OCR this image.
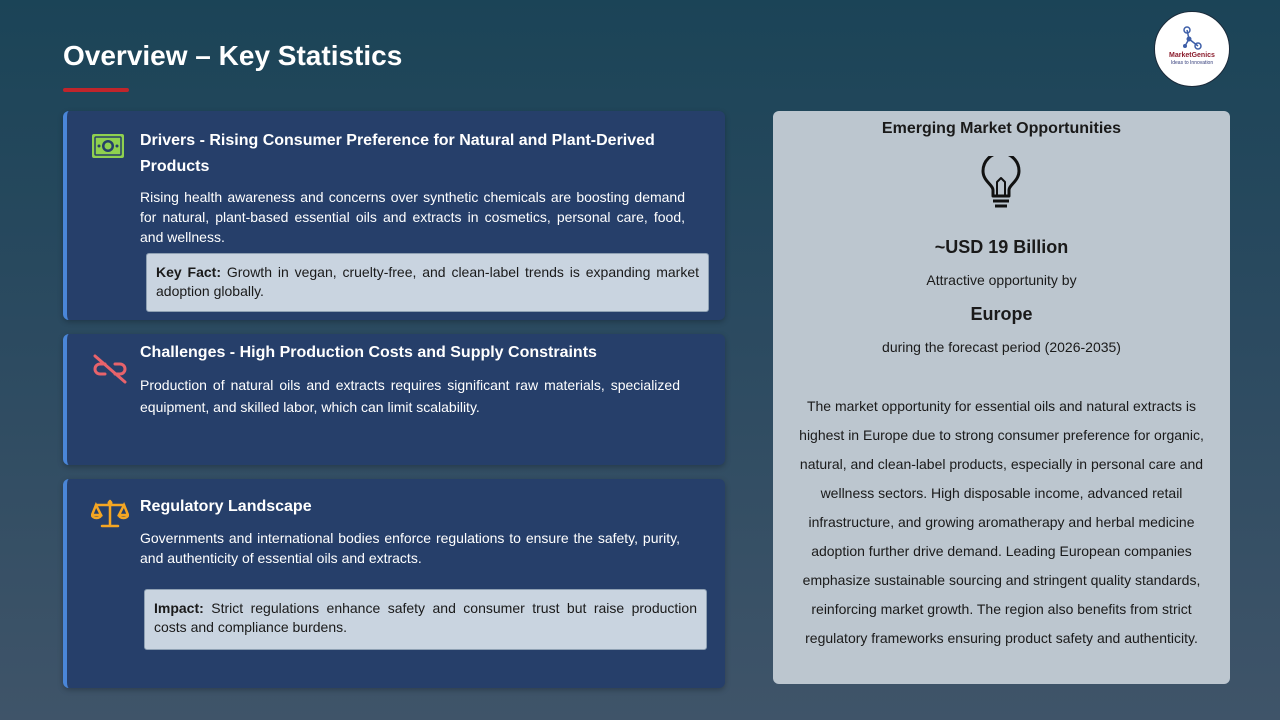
Overview – Key Statistics	MarketGenics
Ideas to Innovation
Drivers - Rising Consumer Preference for Natural and Plant-Derived Products

Rising health awareness and concerns over synthetic chemicals are boosting demand for natural, plant-based essential oils and extracts in cosmetics, personal care, food, and wellness.

Key Fact: Growth in vegan, cruelty-free, and clean-label trends is expanding market adoption globally.
Challenges - High Production Costs and Supply Constraints

Production of natural oils and extracts requires significant raw materials, specialized equipment, and skilled labor, which can limit scalability.

Regulatory Landscape

Governments and international bodies enforce regulations to ensure the safety, purity, and authenticity of essential oils and extracts.

Impact: Strict regulations enhance safety and consumer trust but raise production costs and compliance burdens.
Emerging Market Opportunities
~USD 19 Billion
Attractive opportunity by
Europe
during the forecast period (2026-2035)

The market opportunity for essential oils and natural extracts is highest in Europe due to strong consumer preference for organic, natural, and clean-label products, especially in personal care and wellness sectors. High disposable income, advanced retail infrastructure, and growing aromatherapy and herbal medicine adoption further drive demand. Leading European companies emphasize sustainable sourcing and stringent quality standards, reinforcing market growth. The region also benefits from strict regulatory frameworks ensuring product safety and authenticity.
